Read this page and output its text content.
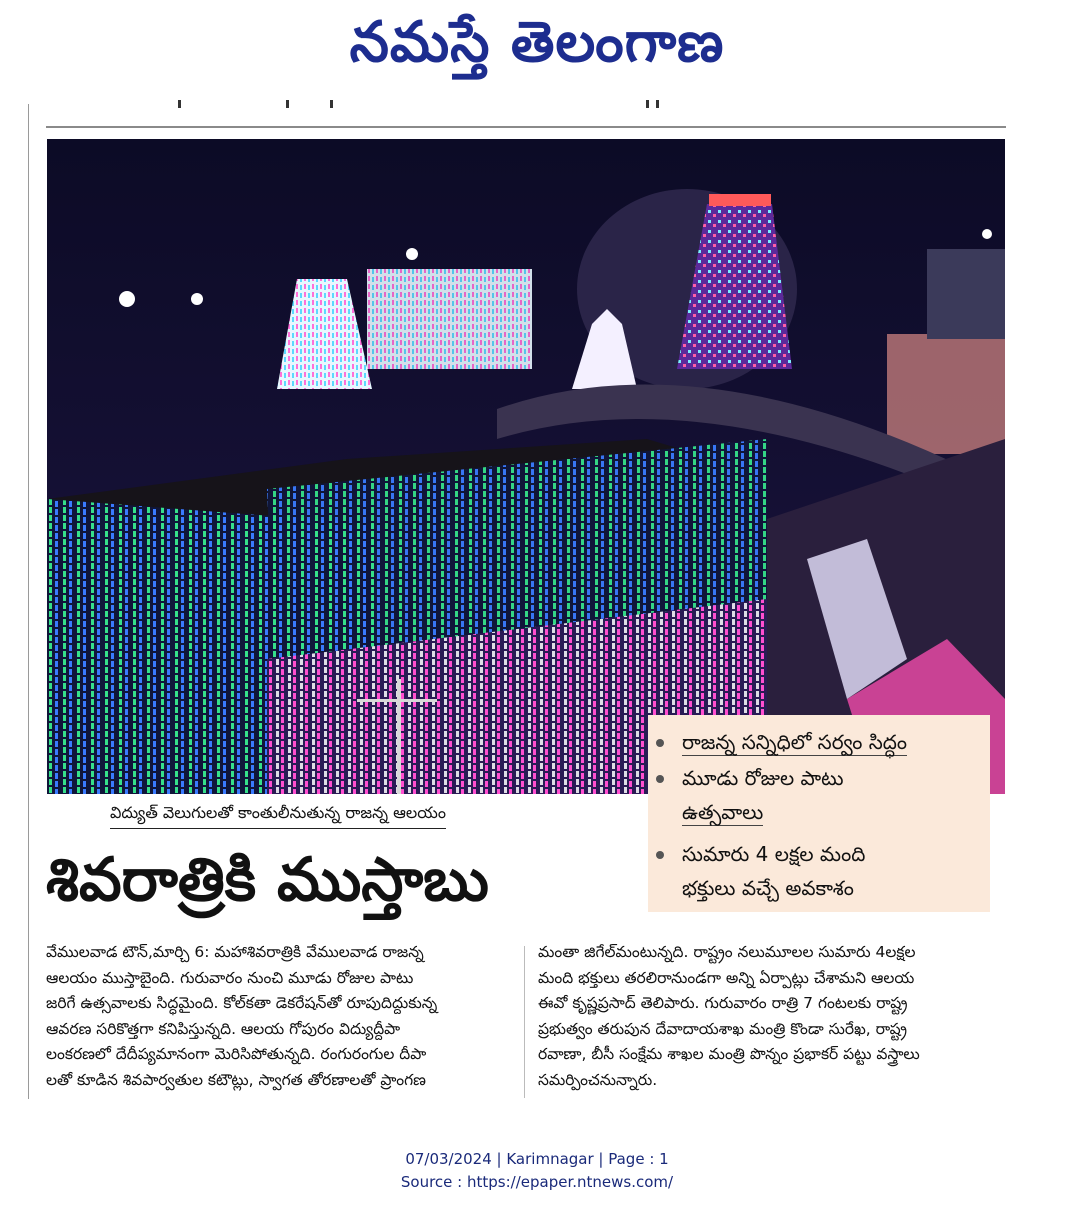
నమస్తే తెలంగాణ
రాజన్న సన్నిధిలో సర్వం సిద్ధం
మూడు రోజుల పాటు
ఉత్సవాలు
సుమారు 4 లక్షల మంది
భక్తులు వచ్చే అవకాశం
విద్యుత్ వెలుగులతో కాంతులీనుతున్న రాజన్న ఆలయం
శివరాత్రికి ముస్తాబు

వేములవాడ టౌన్,మార్చి 6: మహాశివరాత్రికి వేములవాడ రాజన్న

ఆలయం ముస్తాబైంది. గురువారం నుంచి మూడు రోజుల పాటు

జరిగే ఉత్సవాలకు సిద్ధమైంది. కోల్‌కతా డెకరేషన్‌తో రూపుదిద్దుకున్న

ఆవరణ సరికొత్తగా కనిపిస్తున్నది. ఆలయ గోపురం విద్యుద్దీపా

లంకరణలో దేదీప్యమానంగా మెరిసిపోతున్నది. రంగురంగుల దీపా

లతో కూడిన శివపార్వతుల కటౌట్లు, స్వాగత తోరణాలతో ప్రాంగణ

మంతా జిగేల్‌మంటున్నది. రాష్ట్రం నలుమూలల సుమారు 4లక్షల

మంది భక్తులు తరలిరానుండగా అన్ని ఏర్పాట్లు చేశామని ఆలయ

ఈవో కృష్ణప్రసాద్ తెలిపారు. గురువారం రాత్రి 7 గంటలకు రాష్ట్ర

ప్రభుత్వం తరుపున దేవాదాయశాఖ మంత్రి కొండా సురేఖ, రాష్ట్ర

రవాణా, బీసీ సంక్షేమ శాఖల మంత్రి పొన్నం ప్రభాకర్ పట్టు వస్త్రాలు

సమర్పించనున్నారు.

07/03/2024 | Karimnagar | Page : 1
Source : https://epaper.ntnews.com/
